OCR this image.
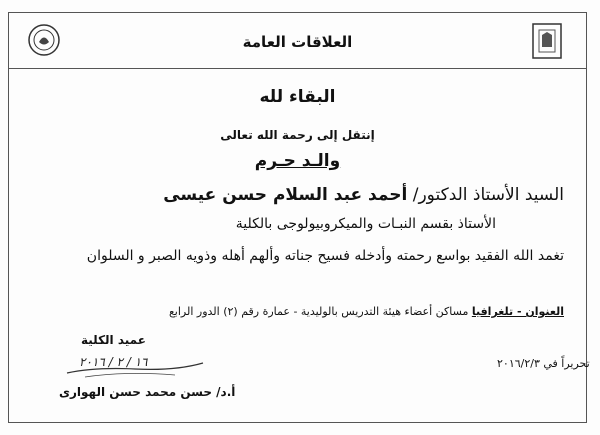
العلاقات العامة
البقاء لله
إنتقل إلى رحمة الله تعالى
والـد حـرم
السيد الأستاذ الدكتور/ أحمد عبد السلام حسن عيسى
الأستاذ بقسم النبـات والميكروبيولوجى بالكلية
تغمد الله الفقيد بواسع رحمته وأدخله فسيح جناته وألهم أهله وذويه الصبر و السلوان
العنوان - تلغرافيا مساكن أعضاء هيئة التدريس بالوليدية - عمارة رقم (٢) الدور الرابع
عميد الكلية
١٦ / ٢ / ٢٠١٦	تحريراً في ٢٠١٦/٢/٣
أ.د/ حسن محمد حسن الهوارى
